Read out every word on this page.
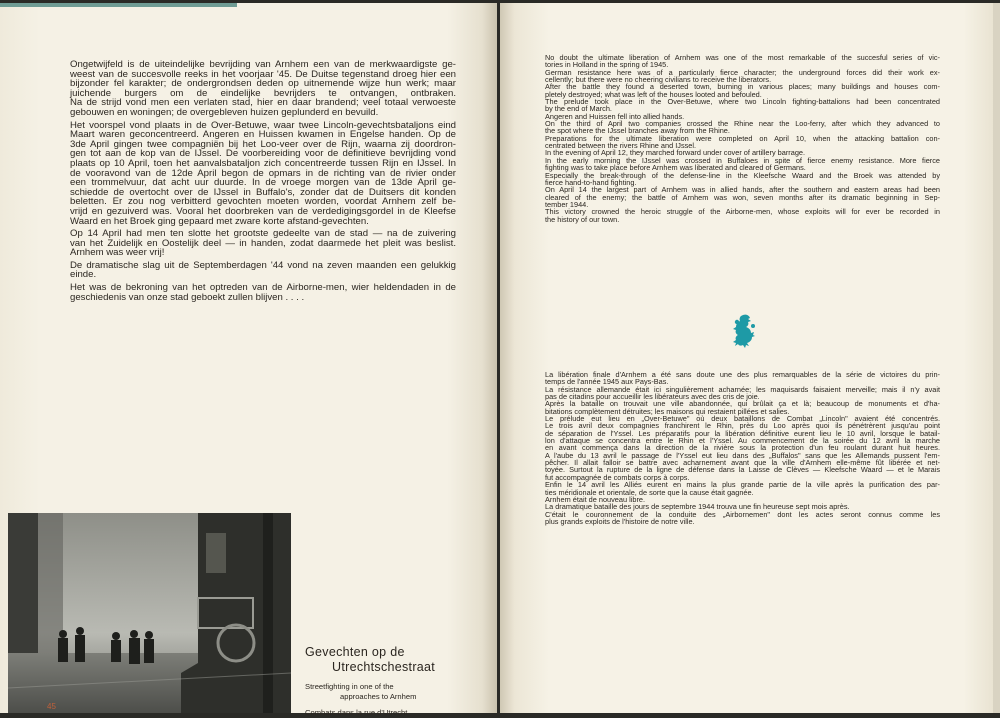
Ongetwijfeld is de uiteindelijke bevrijding van Arnhem een van de merkwaardigste ge-
weest van de succesvolle reeks in het voorjaar '45. De Duitse tegenstand droeg hier een
bijzonder fel karakter; de ondergrondsen deden op uitnemende wijze hun werk; maar
juichende burgers om de eindelijke bevrijders te ontvangen, ontbraken.
Na de strijd vond men een verlaten stad, hier en daar brandend; veel totaal verwoeste
gebouwen en woningen; de overgebleven huizen geplunderd en bevuild.
Het voorspel vond plaats in de Over-Betuwe, waar twee Lincoln-gevechtsbataljons eind
Maart waren geconcentreerd. Angeren en Huissen kwamen in Engelse handen. Op de
3de April gingen twee compagniën bij het Loo-veer over de Rijn, waarna zij doordron-
gen tot aan de kop van de IJssel. De voorbereiding voor de definitieve bevrijding vond
plaats op 10 April, toen het aanvalsbataljon zich concentreerde tussen Rijn en IJssel. In
de vooravond van de 12de April begon de opmars in de richting van de rivier onder
een trommelvuur, dat acht uur duurde. In de vroege morgen van de 13de April ge-
schiedde de overtocht over de IJssel in Buffalo's, zonder dat de Duitsers dit konden
beletten. Er zou nog verbitterd gevochten moeten worden, voordat Arnhem zelf be-
vrijd en gezuiverd was. Vooral het doorbreken van de verdedigingsgordel in de Kleefse
Waard en het Broek ging gepaard met zware korte afstand-gevechten.
Op 14 April had men ten slotte het grootste gedeelte van de stad — na de zuivering
van het Zuidelijk en Oostelijk deel — in handen, zodat daarmede het pleit was beslist.
Arnhem was weer vrij!
De dramatische slag uit de Septemberdagen '44 vond na zeven maanden een gelukkig
einde.
Het was de bekroning van het optreden van de Airborne-men, wier heldendaden in de
geschiedenis van onze stad geboekt zullen blijven . . . .
No doubt the ultimate liberation of Arnhem was one of the most remarkable of the succesful series of vic-
tories in Holland in the spring of 1945.
German resistance here was of a particularly fierce character; the underground forces did their work ex-
cellently; but there were no cheering civilians to receive the liberators.
After the battle they found a deserted town, burning in various places; many buildings and houses com-
pletely destroyed; what was left of the houses looted and befouled.
The prelude took place in the Over-Betuwe, where two Lincoln fighting-battalions had been concentrated
by the end of March.
Angeren and Huissen fell into allied hands.
On the third of April two companies crossed the Rhine near the Loo-ferry, after which they advanced to
the spot where the IJssel branches away from the Rhine.
Preparations for the ultimate liberation were completed on April 10, when the attacking battalion con-
centrated between the rivers Rhine and IJssel.
In the evening of April 12, they marched forward under cover of artillery barrage.
In the early morning the IJssel was crossed in Buffaloes in spite of fierce enemy resistance. More fierce
fighting was to take place before Arnhem was liberated and cleared of Germans.
Especially the break-through of the defense-line in the Kleefsche Waard and the Broek was attended by
fierce hand-to-hand fighting.
On April 14 the largest part of Arnhem was in allied hands, after the southern and eastern areas had been
cleared of the enemy; the battle of Arnhem was won, seven months after its dramatic beginning in Sep-
tember 1944.
This victory crowned the heroic struggle of the Airborne-men, whose exploits will for ever be recorded in
the history of our town.
La libération finale d'Arnhem a été sans doute une des plus remarquables de la série de victoires du prin-
temps de l'année 1945 aux Pays-Bas.
La résistance allemande était ici singulièrement acharnée; les maquisards faisaient merveille; mais il n'y avait
pas de citadins pour accueillir les libérateurs avec des cris de joie.
Après la bataille on trouvait une ville abandonnée, qui brûlait ça et là; beaucoup de monuments et d'ha-
bitations complètement détruites; les maisons qui restaient pillées et salies.
Le prélude eut lieu en „Over-Betuwe" où deux bataillons de Combat „Lincoln" avaient été concentrés.
Le trois avril deux compagnies franchirent le Rhin, près du Loo après quoi ils pénétrèrent jusqu'au point
de séparation de l'Yssel. Les préparatifs pour la libération définitive eurent lieu le 10 avril, lorsque le batail-
lon d'attaque se concentra entre le Rhin et l'Yssel. Au commencement de la soirée du 12 avril la marche
en avant commença dans la direction de la rivière sous la protection d'un feu roulant durant huit heures.
A l'aube du 13 avril le passage de l'Yssel eut lieu dans des „Buffalos" sans que les Allemands pussent l'em-
pêcher. Il allait falloir se battre avec acharnement avant que la ville d'Arnhem elle-même fût libérée et net-
toyée. Surtout la rupture de la ligne de défense dans la Laisse de Clèves — Kleefsche Waard — et le Marais
fut accompagnée de combats corps à corps.
Enfin le 14 avril les Alliés eurent en mains la plus grande partie de la ville après la purification des par-
ties méridionale et orientale, de sorte que la cause était gagnée.
Arnhem était de nouveau libre.
La dramatique bataille des jours de septembre 1944 trouva une fin heureuse sept mois après.
C'était le couronnement de la conduite des „Airbornemen" dont les actes seront connus comme les
plus grands exploits de l'histoire de notre ville.
Gevechten op de
Utrechtschestraat
Streetfighting in one of the
approaches to Arnhem
Combats dans la rue d'Utrecht
45
